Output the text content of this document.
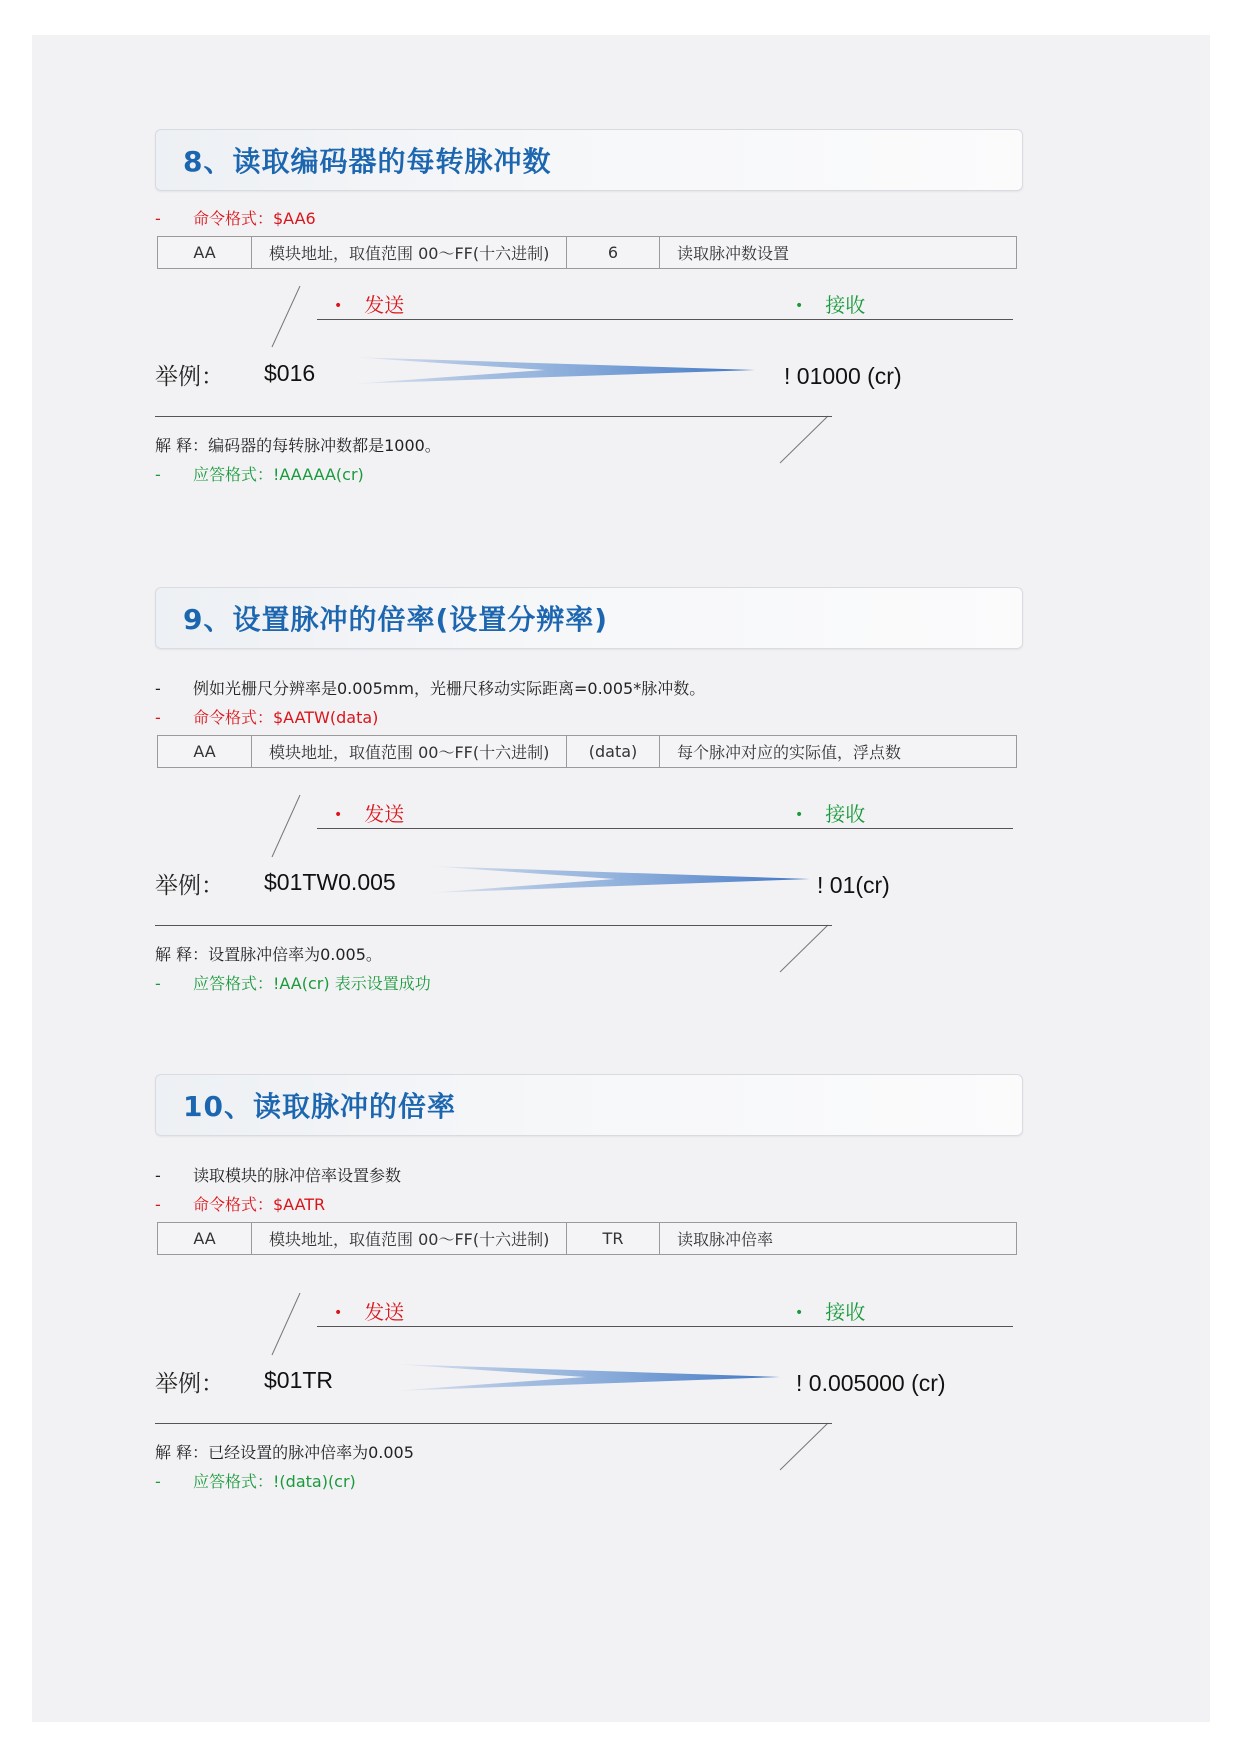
8、读取编码器的每转脉冲数
- 命令格式：$AA6
AA	模块地址，取值范围 00～FF(十六进制)	6	读取脉冲数设置
• 发送	• 接收
举例： $016	! 01000 (cr)
解 释：编码器的每转脉冲数都是1000。
- 应答格式：!AAAAA(cr)
9、设置脉冲的倍率(设置分辨率)
- 例如光栅尺分辨率是0.005mm，光栅尺移动实际距离=0.005*脉冲数。
- 命令格式：$AATW(data)
AA	模块地址，取值范围 00～FF(十六进制)	(data)	每个脉冲对应的实际值，浮点数
• 发送	• 接收
举例： $01TW0.005	! 01(cr)
解 释：设置脉冲倍率为0.005。
- 应答格式：!AA(cr) 表示设置成功
10、读取脉冲的倍率
- 读取模块的脉冲倍率设置参数
- 命令格式：$AATR
AA	模块地址，取值范围 00～FF(十六进制)	TR	读取脉冲倍率
• 发送	• 接收
举例： $01TR	! 0.005000 (cr)
解 释：已经设置的脉冲倍率为0.005
- 应答格式：!(data)(cr)
